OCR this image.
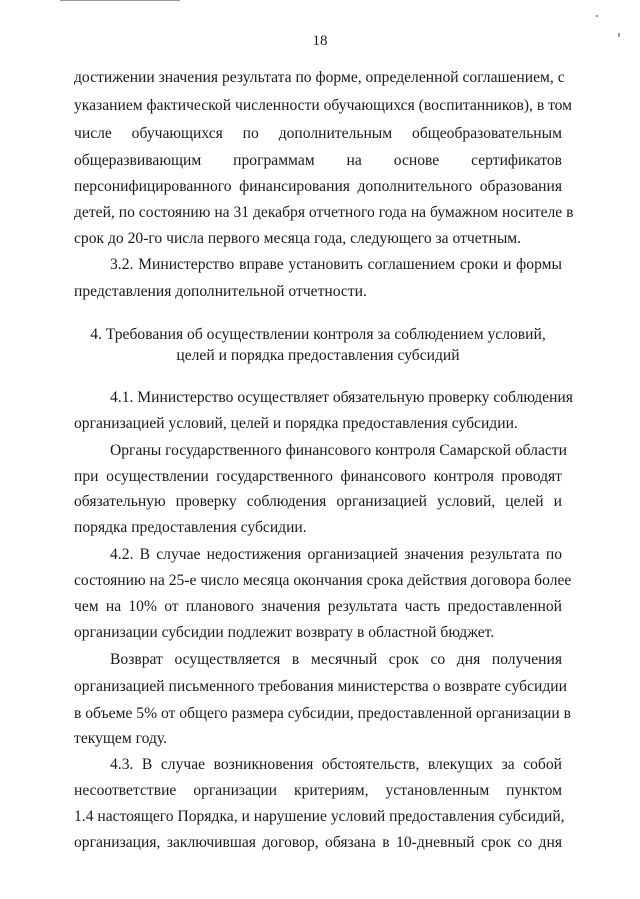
18
достижении значения результата по форме, определенной соглашением, с
указанием фактической численности обучающихся (воспитанников), в том
числе обучающихся по дополнительным общеобразовательным
общеразвивающим программам на основе сертификатов
персонифицированного финансирования дополнительного образования
детей, по состоянию на 31 декабря отчетного года на бумажном носителе в
срок до 20-го числа первого месяца года, следующего за отчетным.
3.2. Министерство вправе установить соглашением сроки и формы
представления дополнительной отчетности.
4. Требования об осуществлении контроля за соблюдением условий,
целей и порядка предоставления субсидий
4.1. Министерство осуществляет обязательную проверку соблюдения
организацией условий, целей и порядка предоставления субсидии.
Органы государственного финансового контроля Самарской области
при осуществлении государственного финансового контроля проводят
обязательную проверку соблюдения организацией условий, целей и
порядка предоставления субсидии.
4.2. В случае недостижения организацией значения результата по
состоянию на 25-е число месяца окончания срока действия договора более
чем на 10% от планового значения результата часть предоставленной
организации субсидии подлежит возврату в областной бюджет.
Возврат осуществляется в месячный срок со дня получения
организацией письменного требования министерства о возврате субсидии
в объеме 5% от общего размера субсидии, предоставленной организации в
текущем году.
4.3. В случае возникновения обстоятельств, влекущих за собой
несоответствие организации критериям, установленным пунктом
1.4 настоящего Порядка, и нарушение условий предоставления субсидий,
организация, заключившая договор, обязана в 10-дневный срок со дня
